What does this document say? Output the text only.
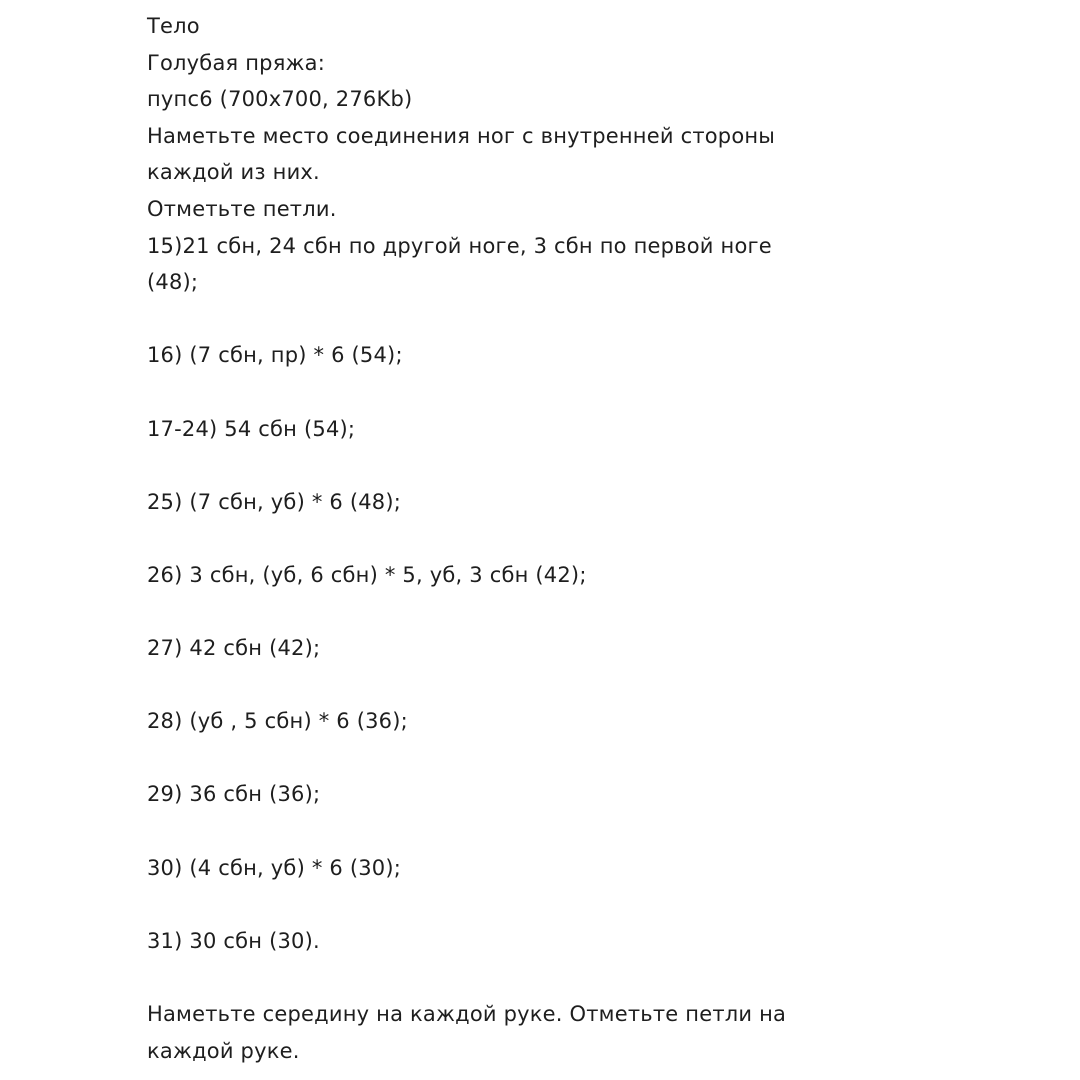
Тело
Голубая пряжа:
пупс6 (700x700, 276Kb)
Наметьте место соединения ног с внутренней стороны
каждой из них.
Отметьте петли.
15)21 сбн, 24 сбн по другой ноге, 3 сбн по первой ноге
(48);
16) (7 сбн, пр) * 6 (54);
17-24) 54 сбн (54);
25) (7 сбн, уб) * 6 (48);
26) 3 сбн, (уб, 6 сбн) * 5, уб, 3 сбн (42);
27) 42 сбн (42);
28) (уб , 5 сбн) * 6 (36);
29) 36 сбн (36);
30) (4 сбн, уб) * 6 (30);
31) 30 сбн (30).
Наметьте середину на каждой руке. Отметьте петли на
каждой руке.
